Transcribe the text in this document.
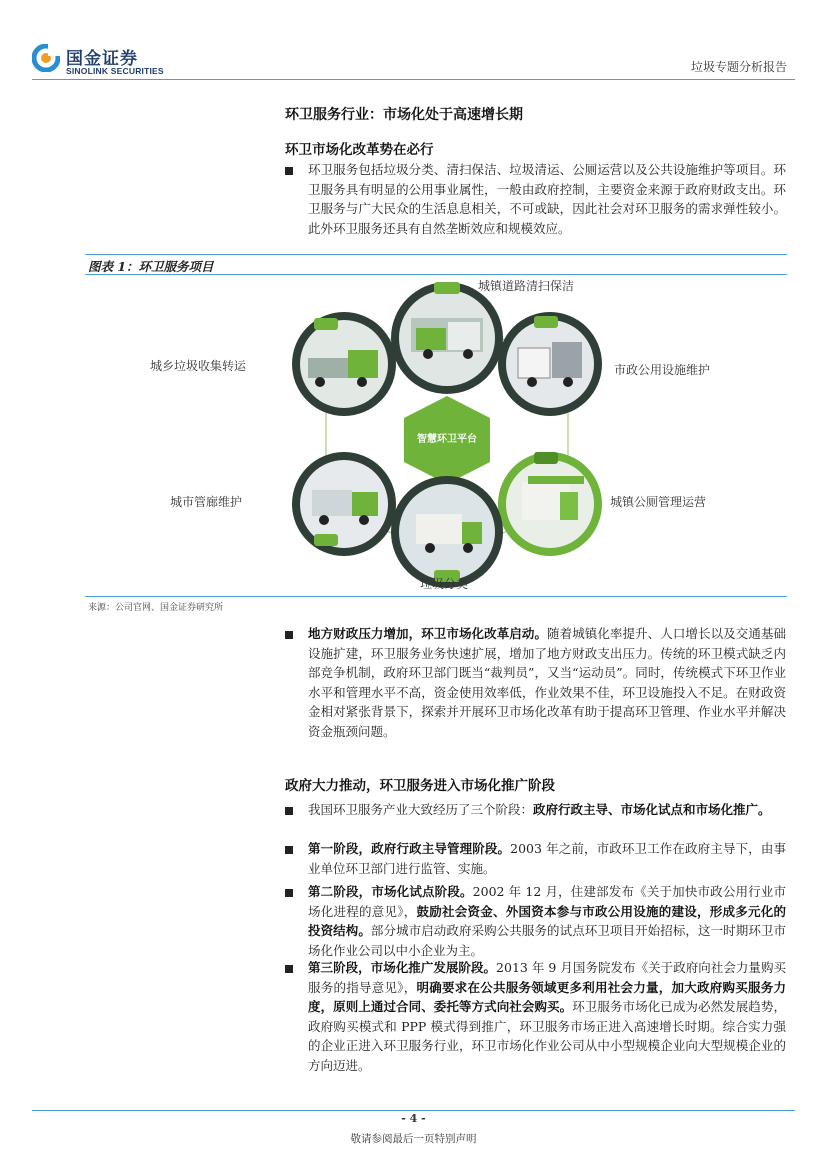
国金证券
SINOLINK SECURITIES	垃圾专题分析报告
环卫服务行业：市场化处于高速增长期
环卫市场化改革势在必行
环卫服务包括垃圾分类、清扫保洁、垃圾清运、公厕运营以及公共设施维护等项目。环卫服务具有明显的公用事业属性，一般由政府控制，主要资金来源于政府财政支出。环卫服务与广大民众的生活息息相关，不可或缺，因此社会对环卫服务的需求弹性较小。此外环卫服务还具有自然垄断效应和规模效应。
图表 1：环卫服务项目
智慧环卫平台
城镇道路清扫保洁
市政公用设施维护
城镇公厕管理运营
垃圾分类
城市管廊维护
城乡垃圾收集转运
来源：公司官网、国金证券研究所
地方财政压力增加，环卫市场化改革启动。随着城镇化率提升、人口增长以及交通基础设施扩建，环卫服务业务快速扩展，增加了地方财政支出压力。传统的环卫模式缺乏内部竞争机制，政府环卫部门既当“裁判员”，又当“运动员”。同时，传统模式下环卫作业水平和管理水平不高，资金使用效率低，作业效果不佳，环卫设施投入不足。在财政资金相对紧张背景下，探索并开展环卫市场化改革有助于提高环卫管理、作业水平并解决资金瓶颈问题。
政府大力推动，环卫服务进入市场化推广阶段
我国环卫服务产业大致经历了三个阶段：政府行政主导、市场化试点和市场化推广。
第一阶段，政府行政主导管理阶段。2003 年之前，市政环卫工作在政府主导下，由事业单位环卫部门进行监管、实施。
第二阶段，市场化试点阶段。2002 年 12 月，住建部发布《关于加快市政公用行业市场化进程的意见》，鼓励社会资金、外国资本参与市政公用设施的建设，形成多元化的投资结构。部分城市启动政府采购公共服务的试点环卫项目开始招标，这一时期环卫市场化作业公司以中小企业为主。
第三阶段，市场化推广发展阶段。2013 年 9 月国务院发布《关于政府向社会力量购买服务的指导意见》，明确要求在公共服务领域更多利用社会力量，加大政府购买服务力度，原则上通过合同、委托等方式向社会购买。环卫服务市场化已成为必然发展趋势，政府购买模式和 PPP 模式得到推广，环卫服务市场正进入高速增长时期。综合实力强的企业正进入环卫服务行业，环卫市场化作业公司从中小型规模企业向大型规模企业的方向迈进。
- 4 -
敬请参阅最后一页特别声明
